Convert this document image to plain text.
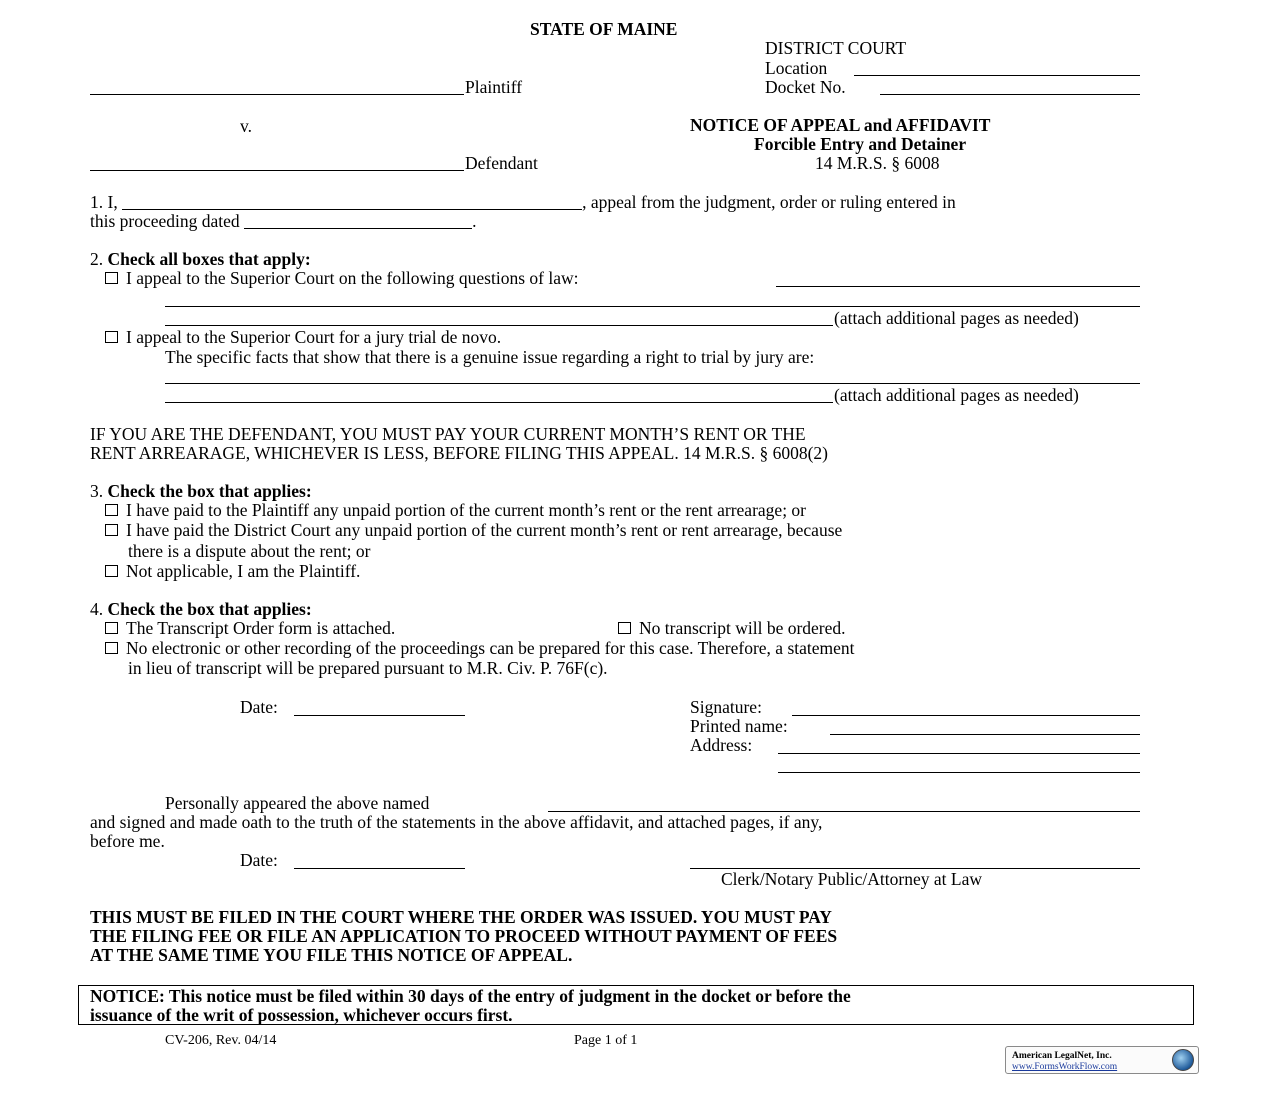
STATE OF MAINE
DISTRICT COURT
Location
Docket No.
Plaintiff
v.	NOTICE OF APPEAL and AFFIDAVIT
Forcible Entry and Detainer
14 M.R.S. § 6008
Defendant
1. I,	, appeal from the judgment, order or ruling entered in
this proceeding dated	.
2. Check all boxes that apply:
I appeal to the Superior Court on the following questions of law:
(attach additional pages as needed)
I appeal to the Superior Court for a jury trial de novo.
The specific facts that show that there is a genuine issue regarding a right to trial by jury are:
(attach additional pages as needed)
IF YOU ARE THE DEFENDANT, YOU MUST PAY YOUR CURRENT MONTH’S RENT OR THE
RENT ARREARAGE, WHICHEVER IS LESS, BEFORE FILING THIS APPEAL. 14 M.R.S. § 6008(2)
3. Check the box that applies:
I have paid to the Plaintiff any unpaid portion of the current month’s rent or the rent arrearage; or
I have paid the District Court any unpaid portion of the current month’s rent or rent arrearage, because
there is a dispute about the rent; or
Not applicable, I am the Plaintiff.
4. Check the box that applies:
The Transcript Order form is attached.	No transcript will be ordered.
No electronic or other recording of the proceedings can be prepared for this case. Therefore, a statement
in lieu of transcript will be prepared pursuant to M.R. Civ. P. 76F(c).
Date:	Signature:
Printed name:
Address:
Personally appeared the above named
and signed and made oath to the truth of the statements in the above affidavit, and attached pages, if any,
before me.
Date:
Clerk/Notary Public/Attorney at Law
THIS MUST BE FILED IN THE COURT WHERE THE ORDER WAS ISSUED. YOU MUST PAY
THE FILING FEE OR FILE AN APPLICATION TO PROCEED WITHOUT PAYMENT OF FEES
AT THE SAME TIME YOU FILE THIS NOTICE OF APPEAL.
NOTICE: This notice must be filed within 30 days of the entry of judgment in the docket or before the
issuance of the writ of possession, whichever occurs first.
CV-206, Rev. 04/14	Page 1 of 1
American LegalNet, Inc.
www.FormsWorkFlow.com
